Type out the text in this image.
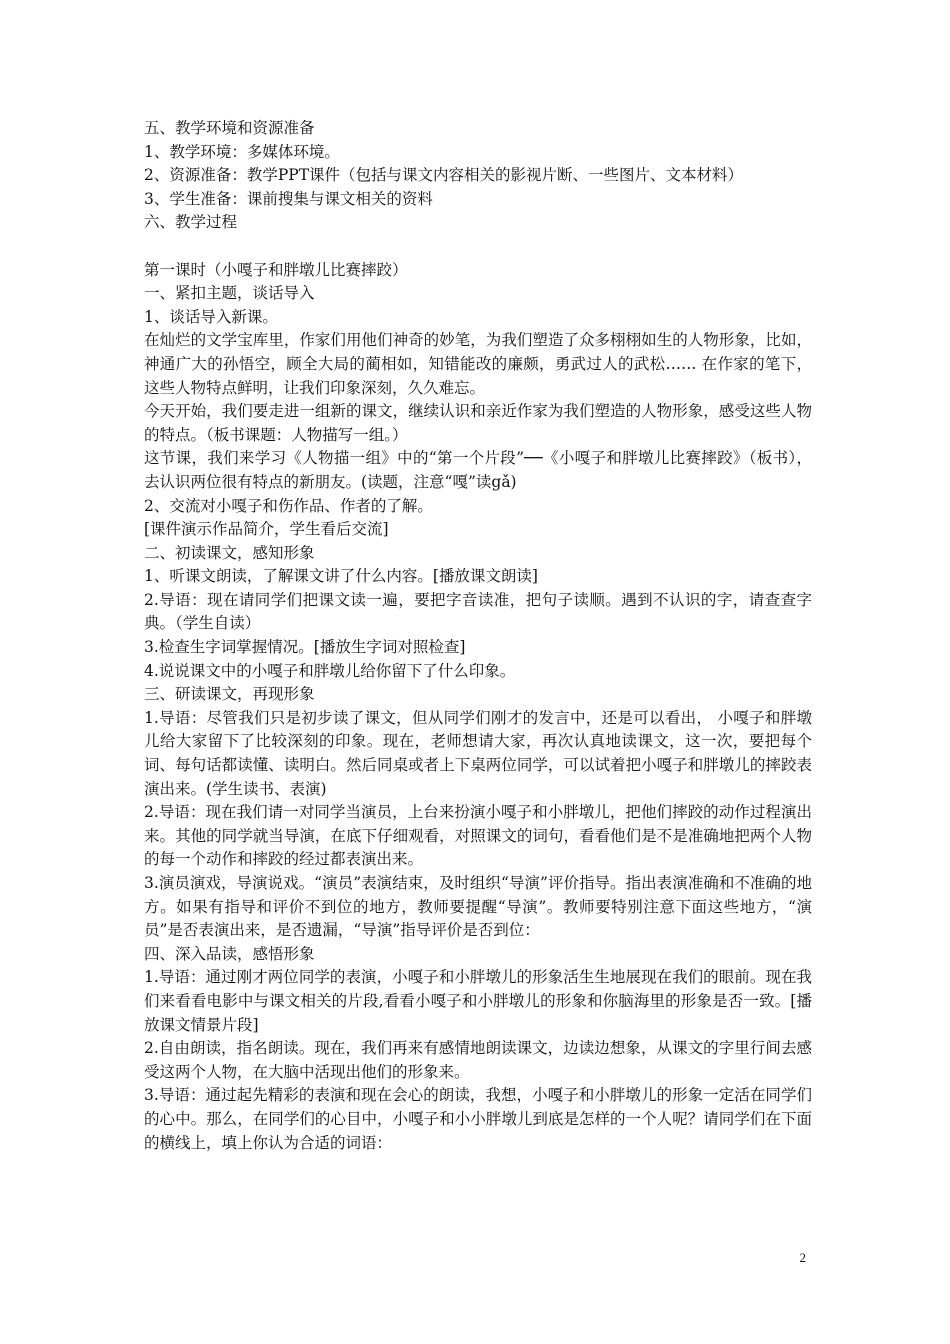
五、教学环境和资源准备

1、教学环境：多媒体环境。

2、资源准备：教学PPT课件（包括与课文内容相关的影视片断、一些图片、文本材料）

3、学生准备：课前搜集与课文相关的资料

六、教学过程

第一课时（小嘎子和胖墩儿比赛摔跤）

一、紧扣主题，谈话导入

1、谈话导入新课。

在灿烂的文学宝库里，作家们用他们神奇的妙笔，为我们塑造了众多栩栩如生的人物形象，比如，神通广大的孙悟空，顾全大局的蔺相如，知错能改的廉颇，勇武过人的武松…… 在作家的笔下，这些人物特点鲜明，让我们印象深刻，久久难忘。

今天开始，我们要走进一组新的课文，继续认识和亲近作家为我们塑造的人物形象，感受这些人物的特点。（板书课题：人物描写一组。）

这节课，我们来学习《人物描一组》中的“第一个片段”──《小嘎子和胖墩儿比赛摔跤》（板书），去认识两位很有特点的新朋友。(读题，注意“嘎”读gǎ)

2、交流对小嘎子和伤作品、作者的了解。

[课件演示作品简介，学生看后交流]

二、初读课文，感知形象

1、听课文朗读，了解课文讲了什么内容。[播放课文朗读]

2.导语：现在请同学们把课文读一遍，要把字音读准，把句子读顺。遇到不认识的字，请查查字典。（学生自读）

3.检查生字词掌握情况。[播放生字词对照检查]

4.说说课文中的小嘎子和胖墩儿给你留下了什么印象。

三、研读课文，再现形象

1.导语：尽管我们只是初步读了课文，但从同学们刚才的发言中，还是可以看出， 小嘎子和胖墩儿给大家留下了比较深刻的印象。现在，老师想请大家，再次认真地读课文，这一次，要把每个词、每句话都读懂、读明白。然后同桌或者上下桌两位同学，可以试着把小嘎子和胖墩儿的摔跤表演出来。(学生读书、表演)

2.导语：现在我们请一对同学当演员，上台来扮演小嘎子和小胖墩儿，把他们摔跤的动作过程演出来。其他的同学就当导演，在底下仔细观看，对照课文的词句，看看他们是不是准确地把两个人物的每一个动作和摔跤的经过都表演出来。

3.演员演戏，导演说戏。“演员”表演结束，及时组织“导演”评价指导。指出表演准确和不准确的地方。如果有指导和评价不到位的地方，教师要提醒“导演”。教师要特别注意下面这些地方，“演员”是否表演出来，是否遗漏，“导演”指导评价是否到位：

四、深入品读，感悟形象

1.导语：通过刚才两位同学的表演，小嘎子和小胖墩儿的形象活生生地展现在我们的眼前。现在我们来看看电影中与课文相关的片段,看看小嘎子和小胖墩儿的形象和你脑海里的形象是否一致。[播放课文情景片段]

2.自由朗读，指名朗读。现在，我们再来有感情地朗读课文，边读边想象，从课文的字里行间去感受这两个人物，在大脑中活现出他们的形象来。

3.导语：通过起先精彩的表演和现在会心的朗读，我想，小嘎子和小胖墩儿的形象一定活在同学们的心中。那么，在同学们的心目中，小嘎子和小小胖墩儿到底是怎样的一个人呢？请同学们在下面的横线上，填上你认为合适的词语：

2
